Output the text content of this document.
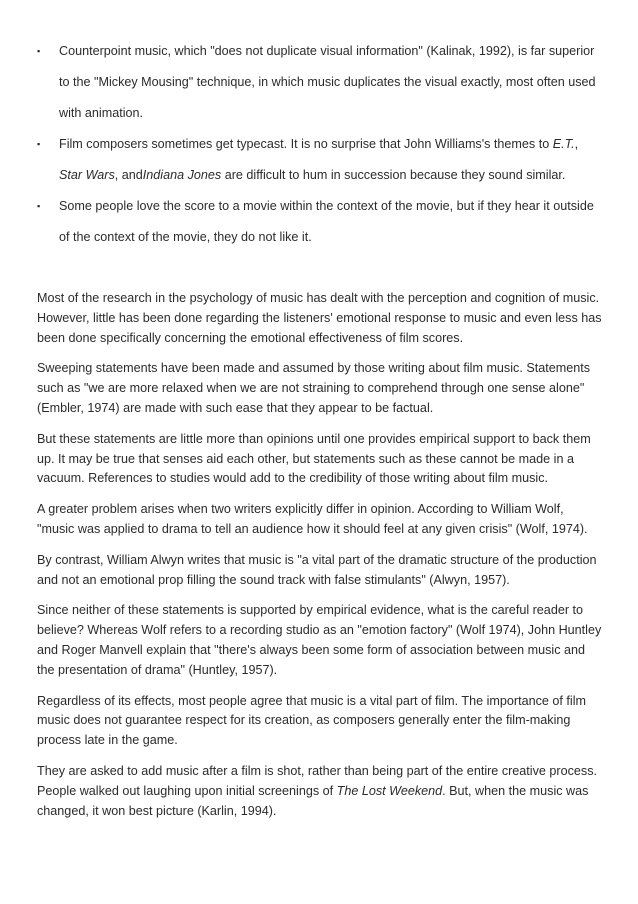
▪ Counterpoint music, which "does not duplicate visual information" (Kalinak, 1992), is far superior to the "Mickey Mousing" technique, in which music duplicates the visual exactly, most often used with animation.
▪ Film composers sometimes get typecast. It is no surprise that John Williams's themes to E.T., Star Wars, andIndiana Jones are difficult to hum in succession because they sound similar.
▪ Some people love the score to a movie within the context of the movie, but if they hear it outside of the context of the movie, they do not like it.

Most of the research in the psychology of music has dealt with the perception and cognition of music. However, little has been done regarding the listeners' emotional response to music and even less has been done specifically concerning the emotional effectiveness of film scores.

Sweeping statements have been made and assumed by those writing about film music. Statements such as "we are more relaxed when we are not straining to comprehend through one sense alone" (Embler, 1974) are made with such ease that they appear to be factual.

But these statements are little more than opinions until one provides empirical support to back them up. It may be true that senses aid each other, but statements such as these cannot be made in a vacuum. References to studies would add to the credibility of those writing about film music.

A greater problem arises when two writers explicitly differ in opinion. According to William Wolf, "music was applied to drama to tell an audience how it should feel at any given crisis" (Wolf, 1974).

By contrast, William Alwyn writes that music is "a vital part of the dramatic structure of the production and not an emotional prop filling the sound track with false stimulants" (Alwyn, 1957).

Since neither of these statements is supported by empirical evidence, what is the careful reader to believe? Whereas Wolf refers to a recording studio as an "emotion factory" (Wolf 1974), John Huntley and Roger Manvell explain that "there's always been some form of association between music and the presentation of drama" (Huntley, 1957).

Regardless of its effects, most people agree that music is a vital part of film. The importance of film music does not guarantee respect for its creation, as composers generally enter the film-making process late in the game.

They are asked to add music after a film is shot, rather than being part of the entire creative process. People walked out laughing upon initial screenings of The Lost Weekend. But, when the music was changed, it won best picture (Karlin, 1994).
